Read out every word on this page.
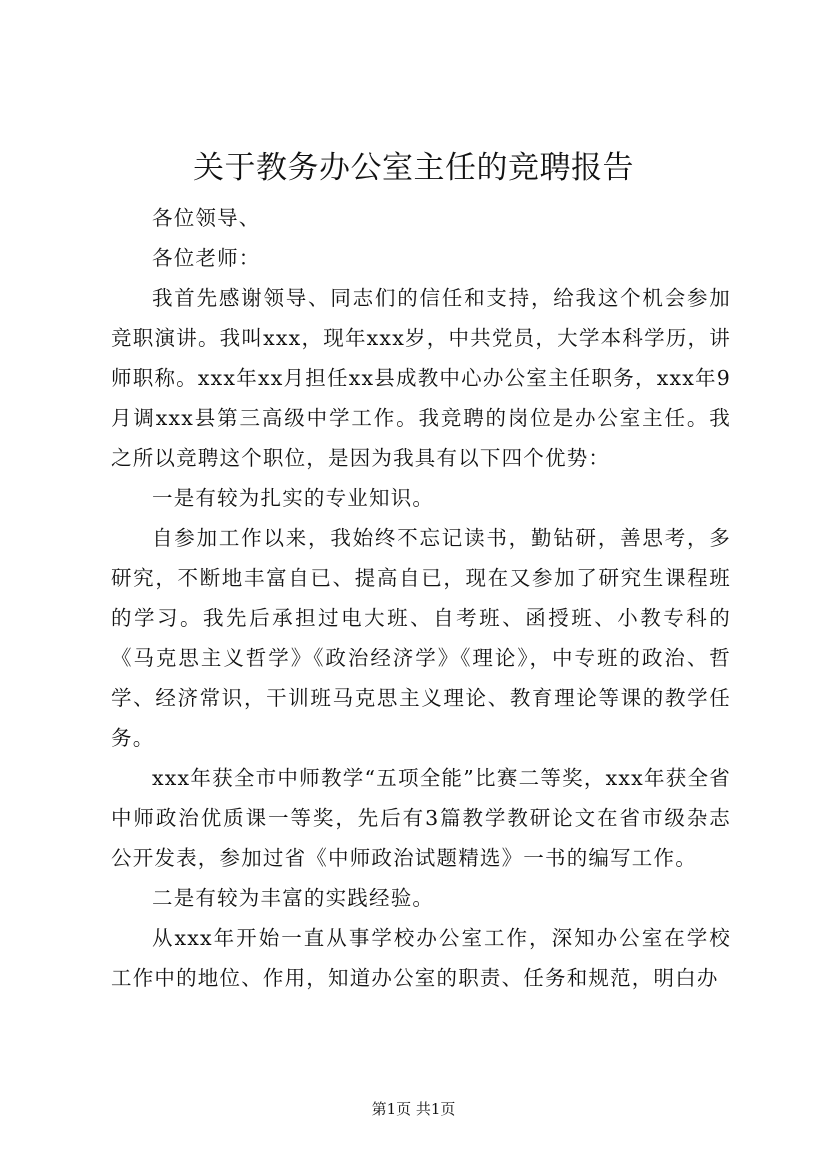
关于教务办公室主任的竞聘报告

各位领导、

各位老师：

我首先感谢领导、同志们的信任和支持，给我这个机会参加竞职演讲。我叫xxx，现年xxx岁，中共党员，大学本科学历，讲师职称。xxx年xx月担任xx县成教中心办公室主任职务，xxx年9月调xxx县第三高级中学工作。我竞聘的岗位是办公室主任。我之所以竞聘这个职位，是因为我具有以下四个优势：

一是有较为扎实的专业知识。

自参加工作以来，我始终不忘记读书，勤钻研，善思考，多研究，不断地丰富自已、提高自已，现在又参加了研究生课程班的学习。我先后承担过电大班、自考班、函授班、小教专科的《马克思主义哲学》《政治经济学》《理论》，中专班的政治、哲学、经济常识，干训班马克思主义理论、教育理论等课的教学任务。

xxx年获全市中师教学“五项全能”比赛二等奖，xxx年获全省中师政治优质课一等奖，先后有3篇教学教研论文在省市级杂志公开发表，参加过省《中师政治试题精选》一书的编写工作。

二是有较为丰富的实践经验。

从xxx年开始一直从事学校办公室工作，深知办公室在学校工作中的地位、作用，知道办公室的职责、任务和规范，明白办

第1页 共1页
